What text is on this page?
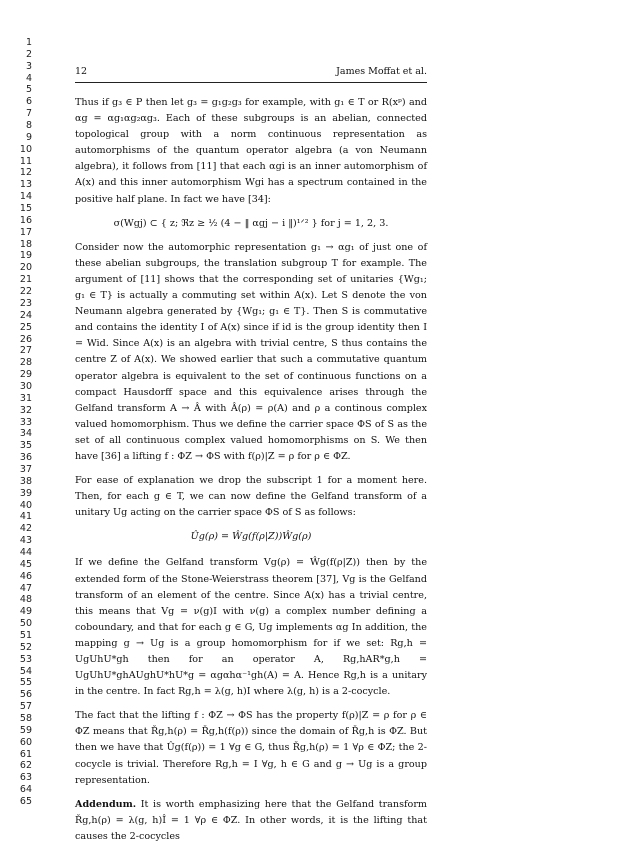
1
2
3
4
5
6
7
8
9
10
11
12
13
14
15
16
17
18
19
20
21
22
23
24
25
26
27
28
29
30
31
32
33
34
35
36
37
38
39
40
41
42
43
44
45
46
47
48
49
50
51
52
53
54
55
56
57
58
59
60
61
62
63
64
65
12	James Moffat et al.

Thus if g₃ ∈ P then let g₃ = g₁g₂g₃ for example, with g₁ ∈ T or R(xᵖ) and αg = αg₁αg₂αg₃. Each of these subgroups is an abelian, connected topological group with a norm continuous representation as automorphisms of the quantum operator algebra (a von Neumann algebra), it follows from [11] that each αgi is an inner automorphism of A(x) and this inner automorphism Wgi has a spectrum contained in the positive half plane. In fact we have [34]:

σ(Wgj) ⊂ { z; ℜz ≥ ½ (4 − ‖ αgj − i ‖)¹ᐟ² } for j = 1, 2, 3.

Consider now the automorphic representation g₁ → αg₁ of just one of these abelian subgroups, the translation subgroup T for example. The argument of [11] shows that the corresponding set of unitaries {Wg₁; g₁ ∈ T} is actually a commuting set within A(x). Let S denote the von Neumann algebra generated by {Wg₁; g₁ ∈ T}. Then S is commutative and contains the identity I of A(x) since if id is the group identity then I = Wid. Since A(x) is an algebra with trivial centre, S thus contains the centre Z of A(x). We showed earlier that such a commutative quantum operator algebra is equivalent to the set of continuous functions on a compact Hausdorff space and this equivalence arises through the Gelfand transform A → Â with Â(ρ) = ρ(A) and ρ a continous complex valued homomorphism. Thus we define the carrier space ΦS of S as the set of all continuous complex valued homomorphisms on S. We then have [36] a lifting f : ΦZ → ΦS with f(ρ)|Z = ρ for ρ ∈ ΦZ.

For ease of explanation we drop the subscript 1 for a moment here. Then, for each g ∈ T, we can now define the Gelfand transform of a unitary Ug acting on the carrier space ΦS of S as follows:

Ûg(ρ) = Ŵg(f(ρ|Z))Ŵg(ρ)

If we define the Gelfand transform Vg(ρ) = Ŵg(f(ρ|Z)) then by the extended form of the Stone-Weierstrass theorem [37], Vg is the Gelfand transform of an element of the centre. Since A(x) has a trivial centre, this means that Vg = ν(g)I with ν(g) a complex number defining a coboundary, and that for each g ∈ G, Ug implements αg In addition, the mapping g → Ug is a group homomorphism for if we set: Rg,h = UgUhU*gh then for an operator A, Rg,hAR*g,h = UgUhU*ghAUghU*hU*g = αgαhα⁻¹gh(A) = A. Hence Rg,h is a unitary in the centre. In fact Rg,h = λ(g, h)I where λ(g, h) is a 2-cocycle.

The fact that the lifting f : ΦZ → ΦS has the property f(ρ)|Z = ρ for ρ ∈ ΦZ means that Řg,h(ρ) = Řg,h(f(ρ)) since the domain of Řg,h is ΦZ. But then we have that Ûg(f(ρ)) = 1 ∀g ∈ G, thus Řg,h(ρ) = 1 ∀ρ ∈ ΦZ; the 2-cocycle is trivial. Therefore Rg,h = I ∀g, h ∈ G and g → Ug is a group representation.

Addendum. It is worth emphasizing here that the Gelfand transform Řg,h(ρ) = λ(g, h)Î = 1 ∀ρ ∈ ΦZ. In other words, it is the lifting that causes the 2-cocycles
